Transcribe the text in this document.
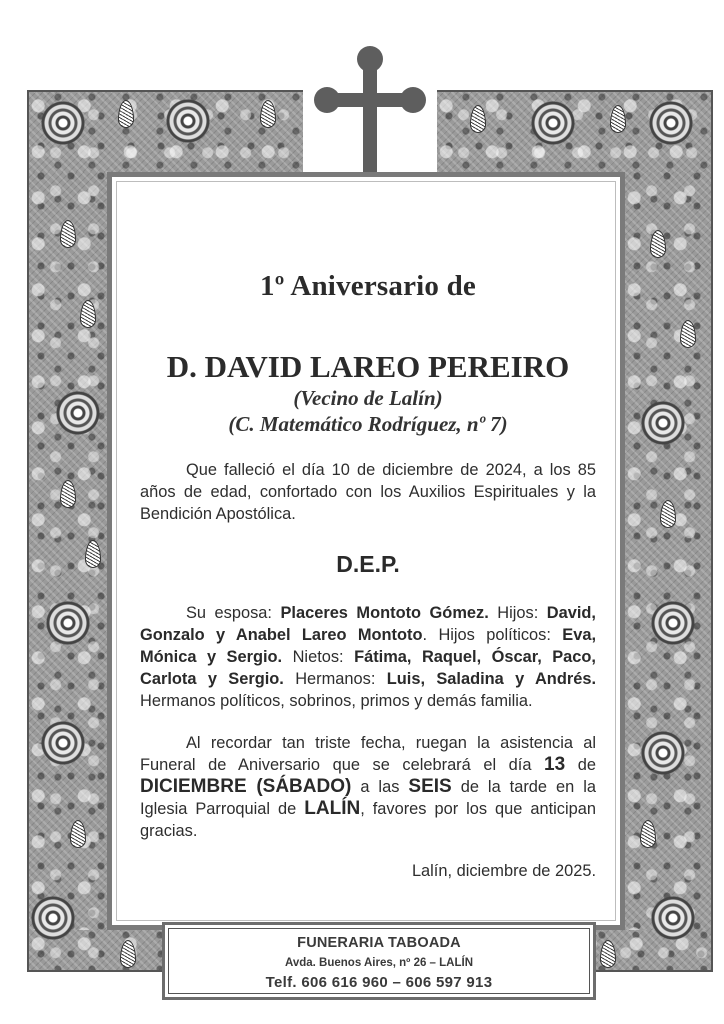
1º Aniversario de
D. DAVID LAREO PEREIRO

(Vecino de Lalín)

(C. Matemático Rodríguez, nº 7)

Que falleció el día 10 de diciembre de 2024, a los 85 años de edad, confortado con los Auxilios Espirituales y la Bendición Apostólica.

D.E.P.

Su esposa: Placeres Montoto Gómez. Hijos: David, Gonzalo y Anabel Lareo Montoto. Hijos políticos: Eva, Mónica y Sergio. Nietos: Fátima, Raquel, Óscar, Paco, Carlota y Sergio. Hermanos: Luis, Saladina y Andrés. Hermanos políticos, sobrinos, primos y demás familia.

Al recordar tan triste fecha, ruegan la asistencia al Funeral de Aniversario que se celebrará el día 13 de DICIEMBRE (SÁBADO) a las SEIS de la tarde en la Iglesia Parroquial de LALÍN, favores por los que anticipan gracias.

Lalín, diciembre de 2025.

FUNERARIA TABOADA
Avda. Buenos Aires, nº 26 – LALÍN
Telf. 606 616 960 – 606 597 913
